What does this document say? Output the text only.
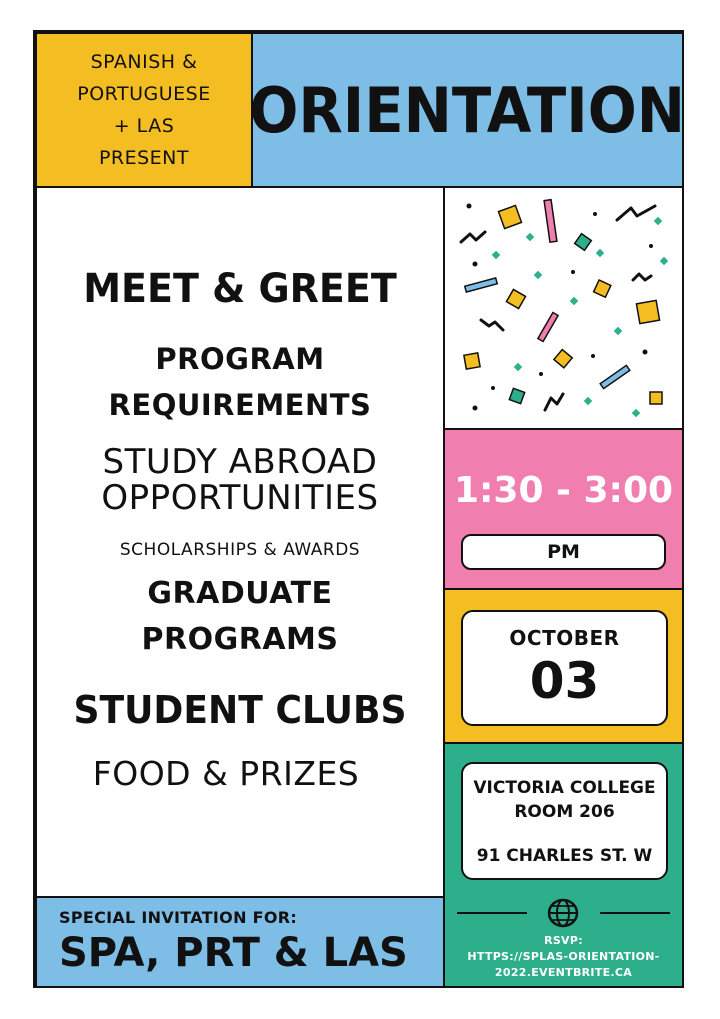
SPANISH &
PORTUGUESE
+ LAS
PRESENT
ORIENTATION
MEET & GREET
PROGRAM
REQUIREMENTS
STUDY ABROAD
OPPORTUNITIES
SCHOLARSHIPS & AWARDS
GRADUATE
PROGRAMS
STUDENT CLUBS
FOOD & PRIZES
1:30 - 3:00
PM
OCTOBER
03
VICTORIA COLLEGE
ROOM 206
91 CHARLES ST. W
RSVP:
HTTPS://SPLAS-ORIENTATION-
2022.EVENTBRITE.CA
SPECIAL INVITATION FOR:
SPA, PRT & LAS
